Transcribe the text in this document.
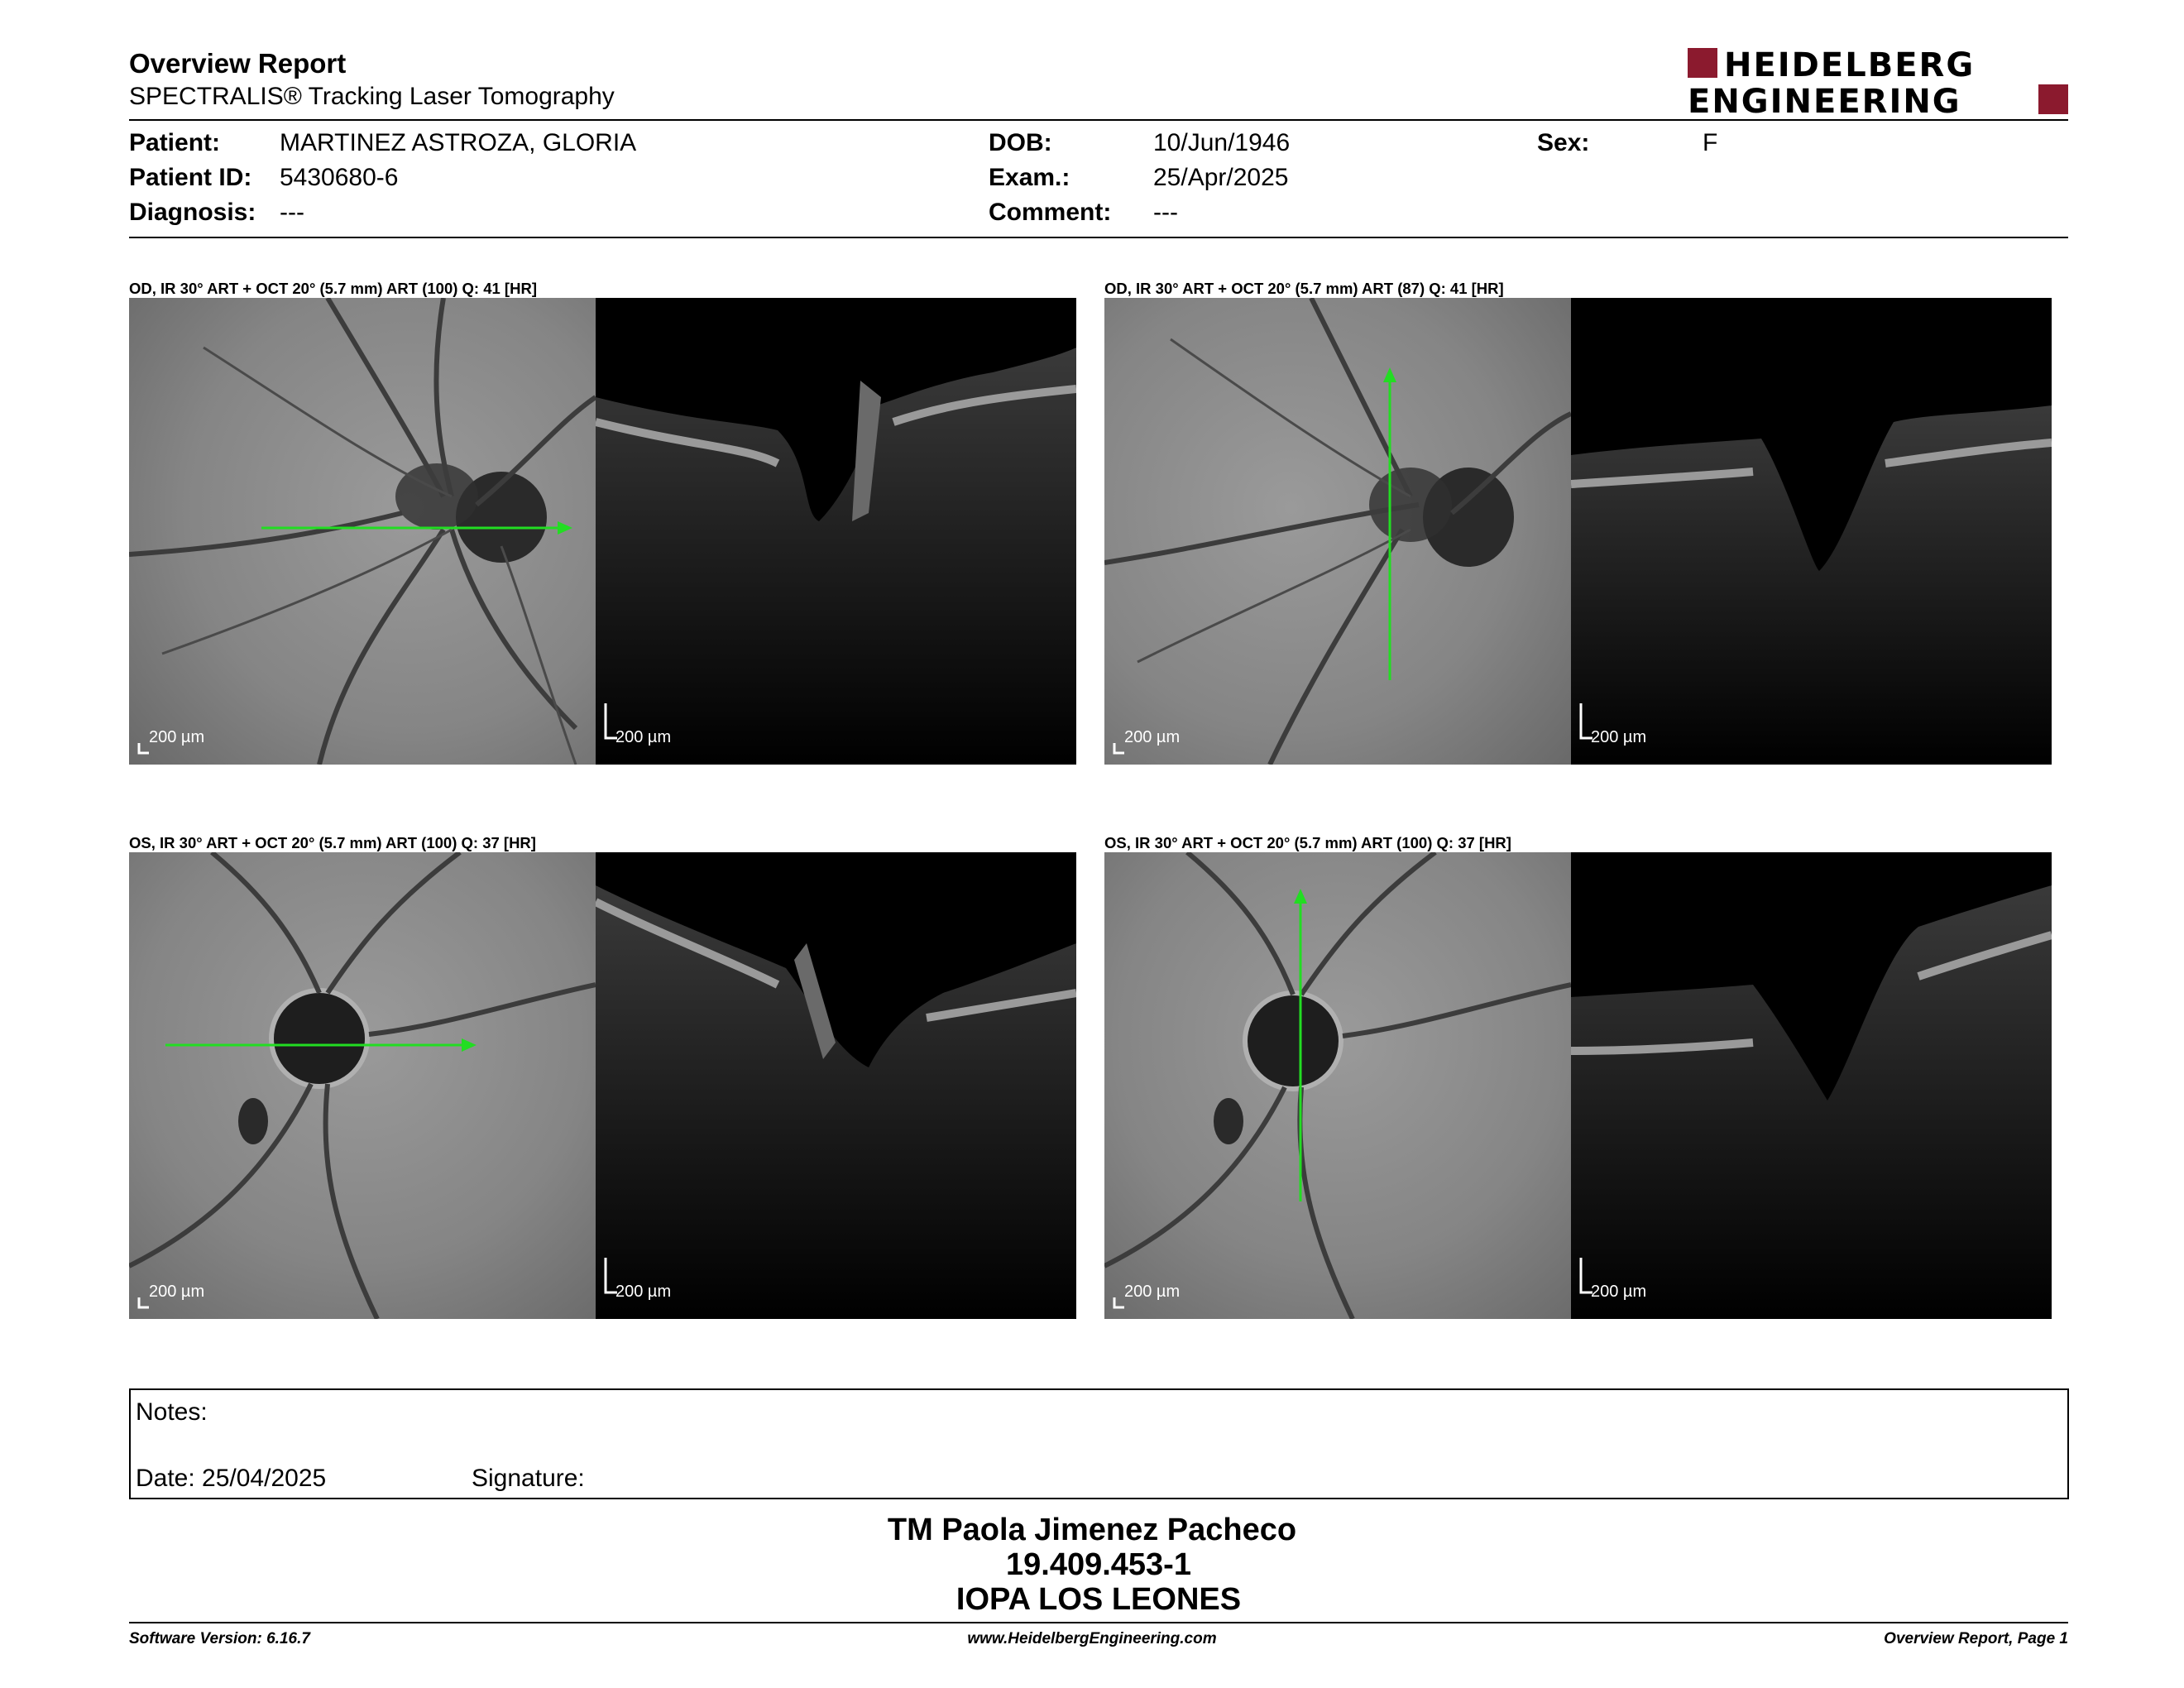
Overview Report
SPECTRALIS® Tracking Laser Tomography
HEIDELBERG
ENGINEERING
Patient: MARTINEZ ASTROZA, GLORIA
Patient ID: 5430680-6
Diagnosis: ---
DOB:	10/Jun/1946
Exam.:	25/Apr/2025
Comment: ---
Sex:	F
OD, IR 30° ART + OCT 20° (5.7 mm) ART (100) Q: 41 [HR]
200 µm	200 µm
OD, IR 30° ART + OCT 20° (5.7 mm) ART (87) Q: 41 [HR]
200 µm	200 µm
OS, IR 30° ART + OCT 20° (5.7 mm) ART (100) Q: 37 [HR]
200 µm	200 µm
OS, IR 30° ART + OCT 20° (5.7 mm) ART (100) Q: 37 [HR]
200 µm	200 µm
Notes:
Date: 25/04/2025	Signature:
TM Paola Jimenez Pacheco
19.409.453-1
IOPA LOS LEONES
Software Version: 6.16.7	www.HeidelbergEngineering.com	Overview Report, Page 1
